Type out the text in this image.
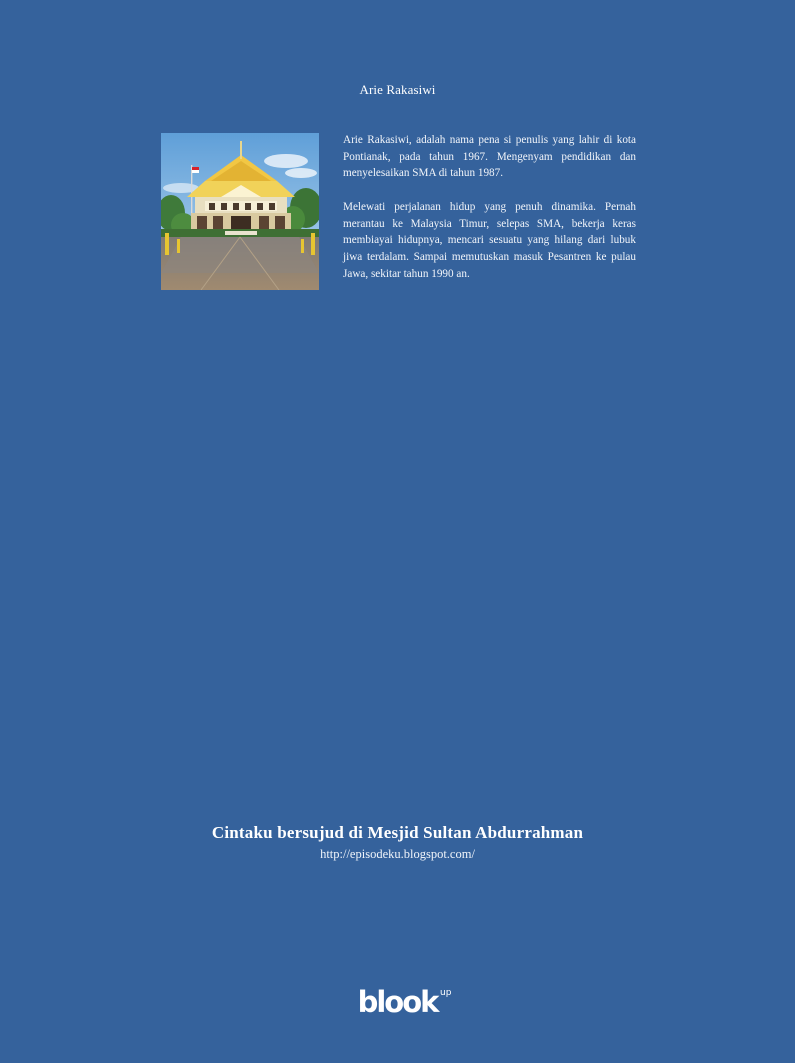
Arie Rakasiwi

Arie Rakasiwi, adalah nama pena si penulis yang lahir di kota Pontianak, pada tahun 1967. Mengenyam pendidikan dan menyelesaikan SMA di tahun 1987.

Melewati perjalanan hidup yang penuh dinamika. Pernah merantau ke Malaysia Timur, selepas SMA, bekerja keras membiayai hidupnya, mencari sesuatu yang hilang dari lubuk jiwa terdalam. Sampai memutuskan masuk Pesantren ke pulau Jawa, sekitar tahun 1990 an.

Cintaku bersujud di Mesjid Sultan Abdurrahman
http://episodeku.blogspot.com/
blook up
